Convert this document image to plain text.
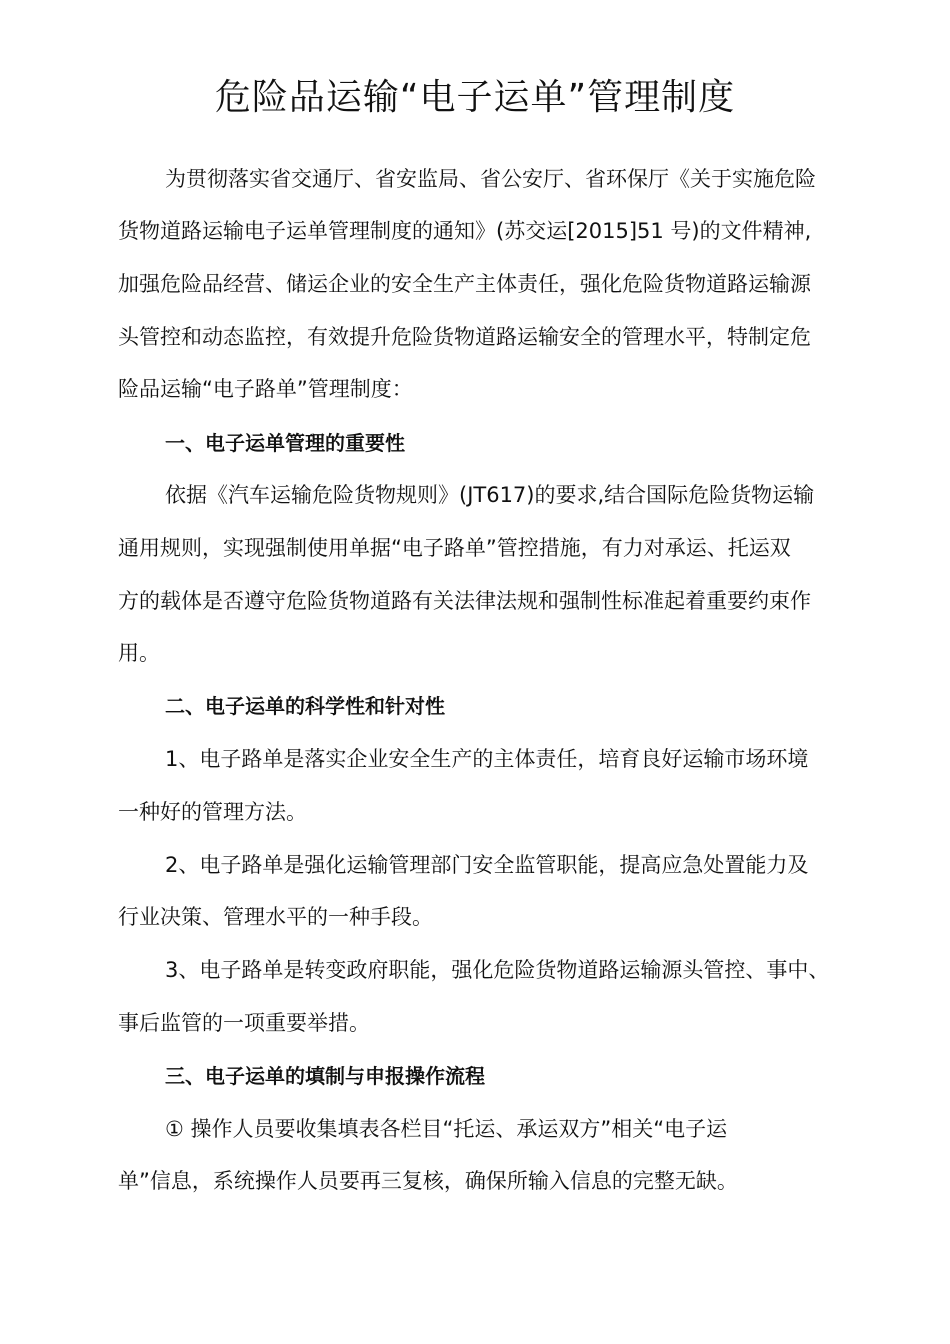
危险品运输“电子运单”管理制度
为贯彻落实省交通厅、省安监局、省公安厅、省环保厅《关于实施危险
货物道路运输电子运单管理制度的通知》(苏交运[2015]51 号)的文件精神,
加强危险品经营、储运企业的安全生产主体责任，强化危险货物道路运输源
头管控和动态监控，有效提升危险货物道路运输安全的管理水平，特制定危
险品运输“电子路单”管理制度：
一、电子运单管理的重要性
依据《汽车运输危险货物规则》(JT617)的要求,结合国际危险货物运输
通用规则，实现强制使用单据“电子路单”管控措施，有力对承运、托运双
方的载体是否遵守危险货物道路有关法律法规和强制性标准起着重要约束作
用。
二、电子运单的科学性和针对性
1、电子路单是落实企业安全生产的主体责任，培育良好运输市场环境
一种好的管理方法。
2、电子路单是强化运输管理部门安全监管职能，提高应急处置能力及
行业决策、管理水平的一种手段。
3、电子路单是转变政府职能，强化危险货物道路运输源头管控、事中、
事后监管的一项重要举措。
三、电子运单的填制与申报操作流程
① 操作人员要收集填表各栏目“托运、承运双方”相关“电子运
单”信息，系统操作人员要再三复核，确保所输入信息的完整无缺。
